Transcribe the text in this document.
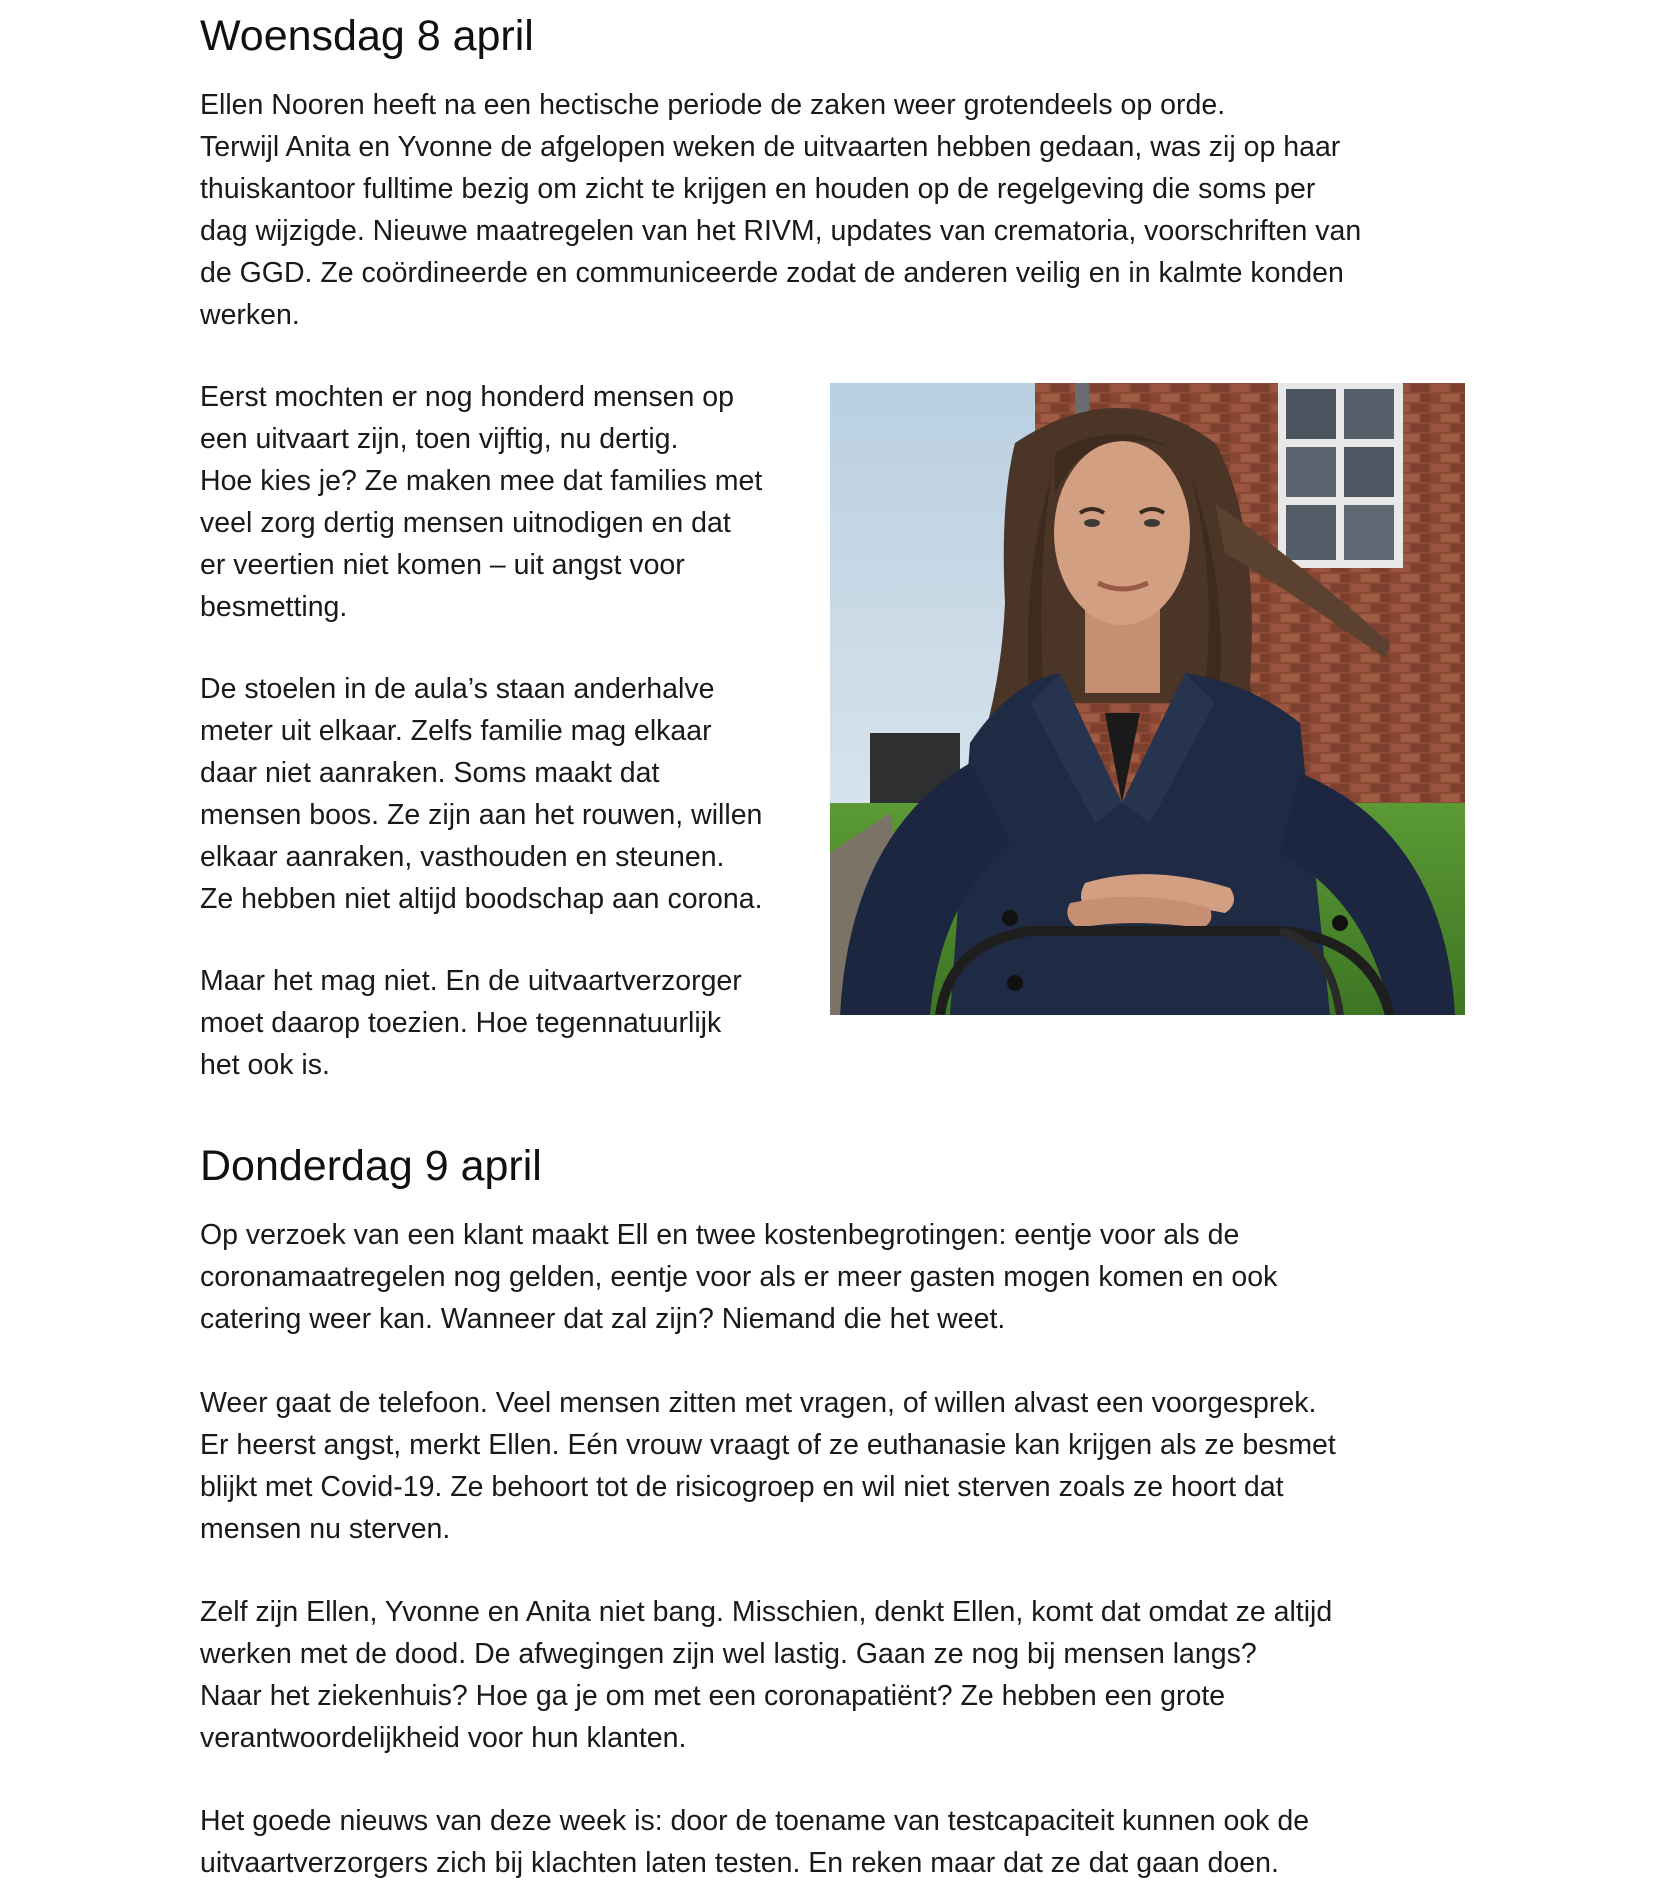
Woensdag 8 april

Ellen Nooren heeft na een hectische periode de zaken weer grotendeels op orde.
Terwijl Anita en Yvonne de afgelopen weken de uitvaarten hebben gedaan, was zij op haar
thuiskantoor fulltime bezig om zicht te krijgen en houden op de regelgeving die soms per
dag wijzigde. Nieuwe maatregelen van het RIVM, updates van crematoria, voorschriften van
de GGD. Ze coördineerde en communiceerde zodat de anderen veilig en in kalmte konden
werken.

Eerst mochten er nog honderd mensen op
een uitvaart zijn, toen vijftig, nu dertig.
Hoe kies je? Ze maken mee dat families met
veel zorg dertig mensen uitnodigen en dat
er veertien niet komen – uit angst voor
besmetting.

De stoelen in de aula’s staan anderhalve
meter uit elkaar. Zelfs familie mag elkaar
daar niet aanraken. Soms maakt dat
mensen boos. Ze zijn aan het rouwen, willen
elkaar aanraken, vasthouden en steunen.
Ze hebben niet altijd boodschap aan corona.

Maar het mag niet. En de uitvaartverzorger
moet daarop toezien. Hoe tegennatuurlijk
het ook is.

Donderdag 9 april

Op verzoek van een klant maakt Ell en twee kostenbegrotingen: eentje voor als de
coronamaatregelen nog gelden, eentje voor als er meer gasten mogen komen en ook
catering weer kan. Wanneer dat zal zijn? Niemand die het weet.

Weer gaat de telefoon. Veel mensen zitten met vragen, of willen alvast een voorgesprek.
Er heerst angst, merkt Ellen. Eén vrouw vraagt of ze euthanasie kan krijgen als ze besmet
blijkt met Covid-19. Ze behoort tot de risicogroep en wil niet sterven zoals ze hoort dat
mensen nu sterven.

Zelf zijn Ellen, Yvonne en Anita niet bang. Misschien, denkt Ellen, komt dat omdat ze altijd
werken met de dood. De afwegingen zijn wel lastig. Gaan ze nog bij mensen langs?
Naar het ziekenhuis? Hoe ga je om met een coronapatiënt? Ze hebben een grote
verantwoordelijkheid voor hun klanten.

Het goede nieuws van deze week is: door de toename van testcapaciteit kunnen ook de
uitvaartverzorgers zich bij klachten laten testen. En reken maar dat ze dat gaan doen.
